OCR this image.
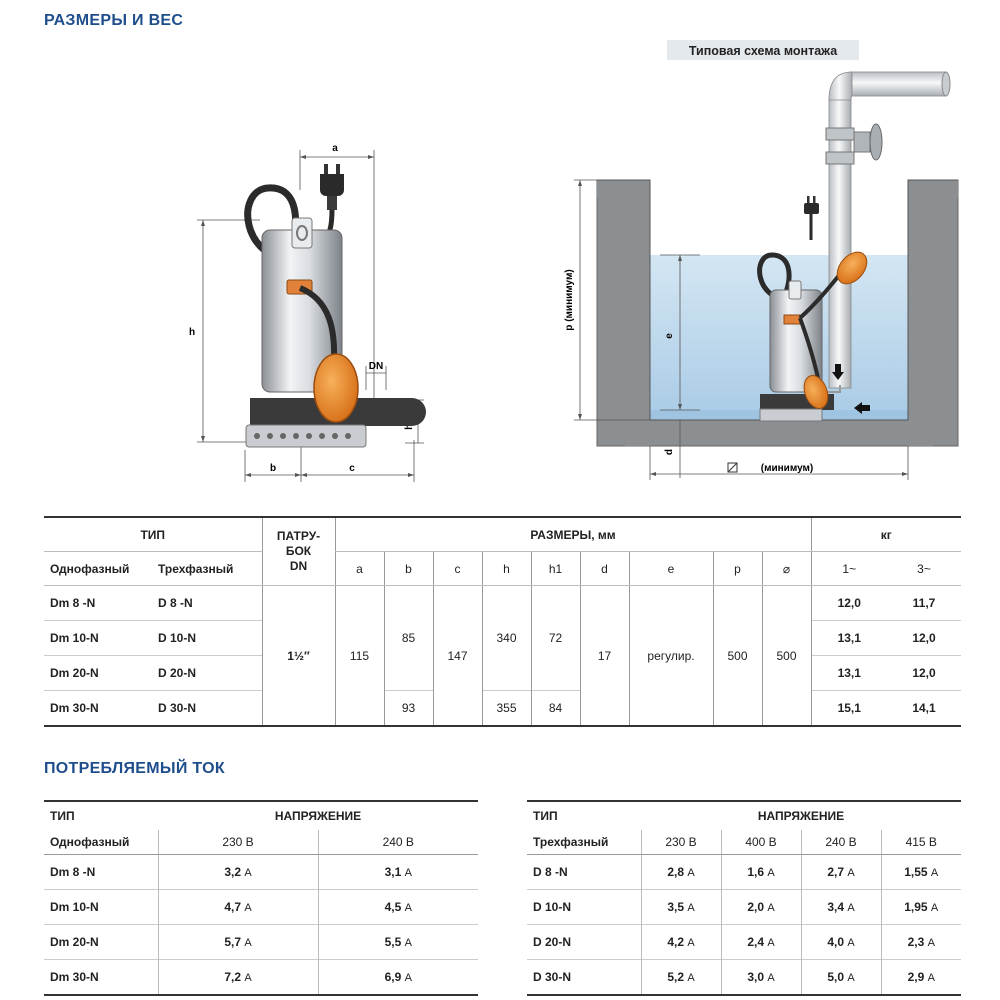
РАЗМЕРЫ И ВЕС
ПОТРЕБЛЯЕМЫЙ ТОК
a
h
b	c
DN
Типовая схема монтажа
p (минимум)
e
d
(минимум)
ТИП		ПАТРУ-
БОК
DN	РАЗМЕРЫ, мм									кг	
Однофазный	Трехфазный		a	b	c	h	h1	d	e	p	⌀	1~	3~
Dm 8 -N	D 8 -N	1½″	115	85	147	340	72	17	регулир.	500	500	12,0	11,7
Dm 10-N	D 10-N											13,1	12,0
Dm 20-N	D 20-N											13,1	12,0
Dm 30-N	D 30-N			93		355	84					15,1	14,1
ТИП	НАПРЯЖЕНИЕ	
Однофазный	230 В	240 В
Dm 8 -N	3,2 A	3,1 A
Dm 10-N	4,7 A	4,5 A
Dm 20-N	5,7 A	5,5 A
Dm 30-N	7,2 A	6,9 A
ТИП	НАПРЯЖЕНИЕ			
Трехфазный	230 В	400 В	240 В	415 В
D 8 -N	2,8 A	1,6 A	2,7 A	1,55 A
D 10-N	3,5 A	2,0 A	3,4 A	1,95 A
D 20-N	4,2 A	2,4 A	4,0 A	2,3 A
D 30-N	5,2 A	3,0 A	5,0 A	2,9 A
